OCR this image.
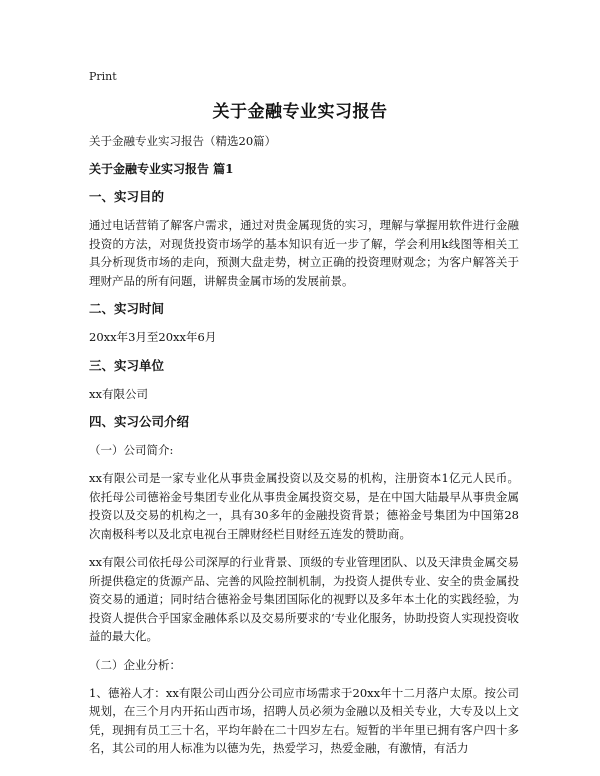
Print
关于金融专业实习报告

关于金融专业实习报告（精选20篇）

关于金融专业实习报告 篇1

一、实习目的

通过电话营销了解客户需求，通过对贵金属现货的实习，理解与掌握用软件进行金融投资的方法，对现货投资市场学的基本知识有近一步了解，学会利用k线图等相关工具分析现货市场的走向，预测大盘走势，树立正确的投资理财观念；为客户解答关于理财产品的所有问题，讲解贵金属市场的发展前景。

二、实习时间

20xx年3月至20xx年6月

三、实习单位

xx有限公司

四、实习公司介绍

（一）公司简介:

xx有限公司是一家专业化从事贵金属投资以及交易的机构，注册资本1亿元人民币。依托母公司德裕金号集团专业化从事贵金属投资交易，是在中国大陆最早从事贵金属投资以及交易的机构之一，具有30多年的金融投资背景；德裕金号集团为中国第28次南极科考以及北京电视台王牌财经栏目财经五连发的赞助商。

xx有限公司依托母公司深厚的行业背景、顶级的专业管理团队、以及天津贵金属交易所提供稳定的货源产品、完善的风险控制机制，为投资人提供专业、安全的贵金属投资交易的通道；同时结合德裕金号集团国际化的视野以及多年本土化的实践经验，为投资人提供合乎国家金融体系以及交易所要求的‘专业化服务，协助投资人实现投资收益的最大化。

（二）企业分析：

1、德裕人才：xx有限公司山西分公司应市场需求于20xx年十二月落户太原。按公司规划，在三个月内开拓山西市场，招聘人员必须为金融以及相关专业，大专及以上文凭，现拥有员工三十名，平均年龄在二十四岁左右。短暂的半年里已拥有客户四十多名，其公司的用人标准为以德为先，热爱学习，热爱金融，有激情，有活力
